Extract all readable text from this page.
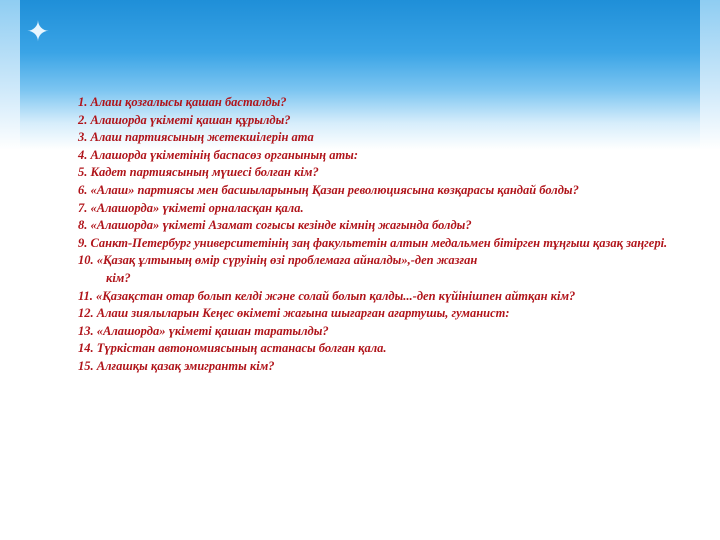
✦

1. Алаш қозғалысы қашан басталды?

2. Алашорда үкіметі қашан құрылды?

3. Алаш партиясының жетекшілерін ата

4. Алашорда үкіметінің баспасөз органының аты:

5. Кадет партиясының мүшесі болған кім?

6. «Алаш» партиясы мен басшыларының Қазан революциясына көзқарасы қандай болды?

7. «Алашорда» үкіметі орналасқан қала.

8. «Алашорда» үкіметі Азамат соғысы кезінде кімнің жағында болды?

9. Санкт-Петербург университетінің заң факультетін алтын медальмен бітірген тұңғыш қазақ заңгері.

10. «Қазақ ұлтының өмір сүруінің өзі проблемаға айналды»,-деп жазған

кім?

11. «Қазақстан отар болып келді және солай болып қалды...-деп күйінішпен айтқан кім?

12. Алаш зиялыларын Кеңес өкіметі жағына шығарған ағартушы, гуманист:

13. «Алашорда» үкіметі қашан таратылды?

14. Түркістан автономиясының астанасы болған қала.

15. Алғашқы қазақ эмигранты кім?
